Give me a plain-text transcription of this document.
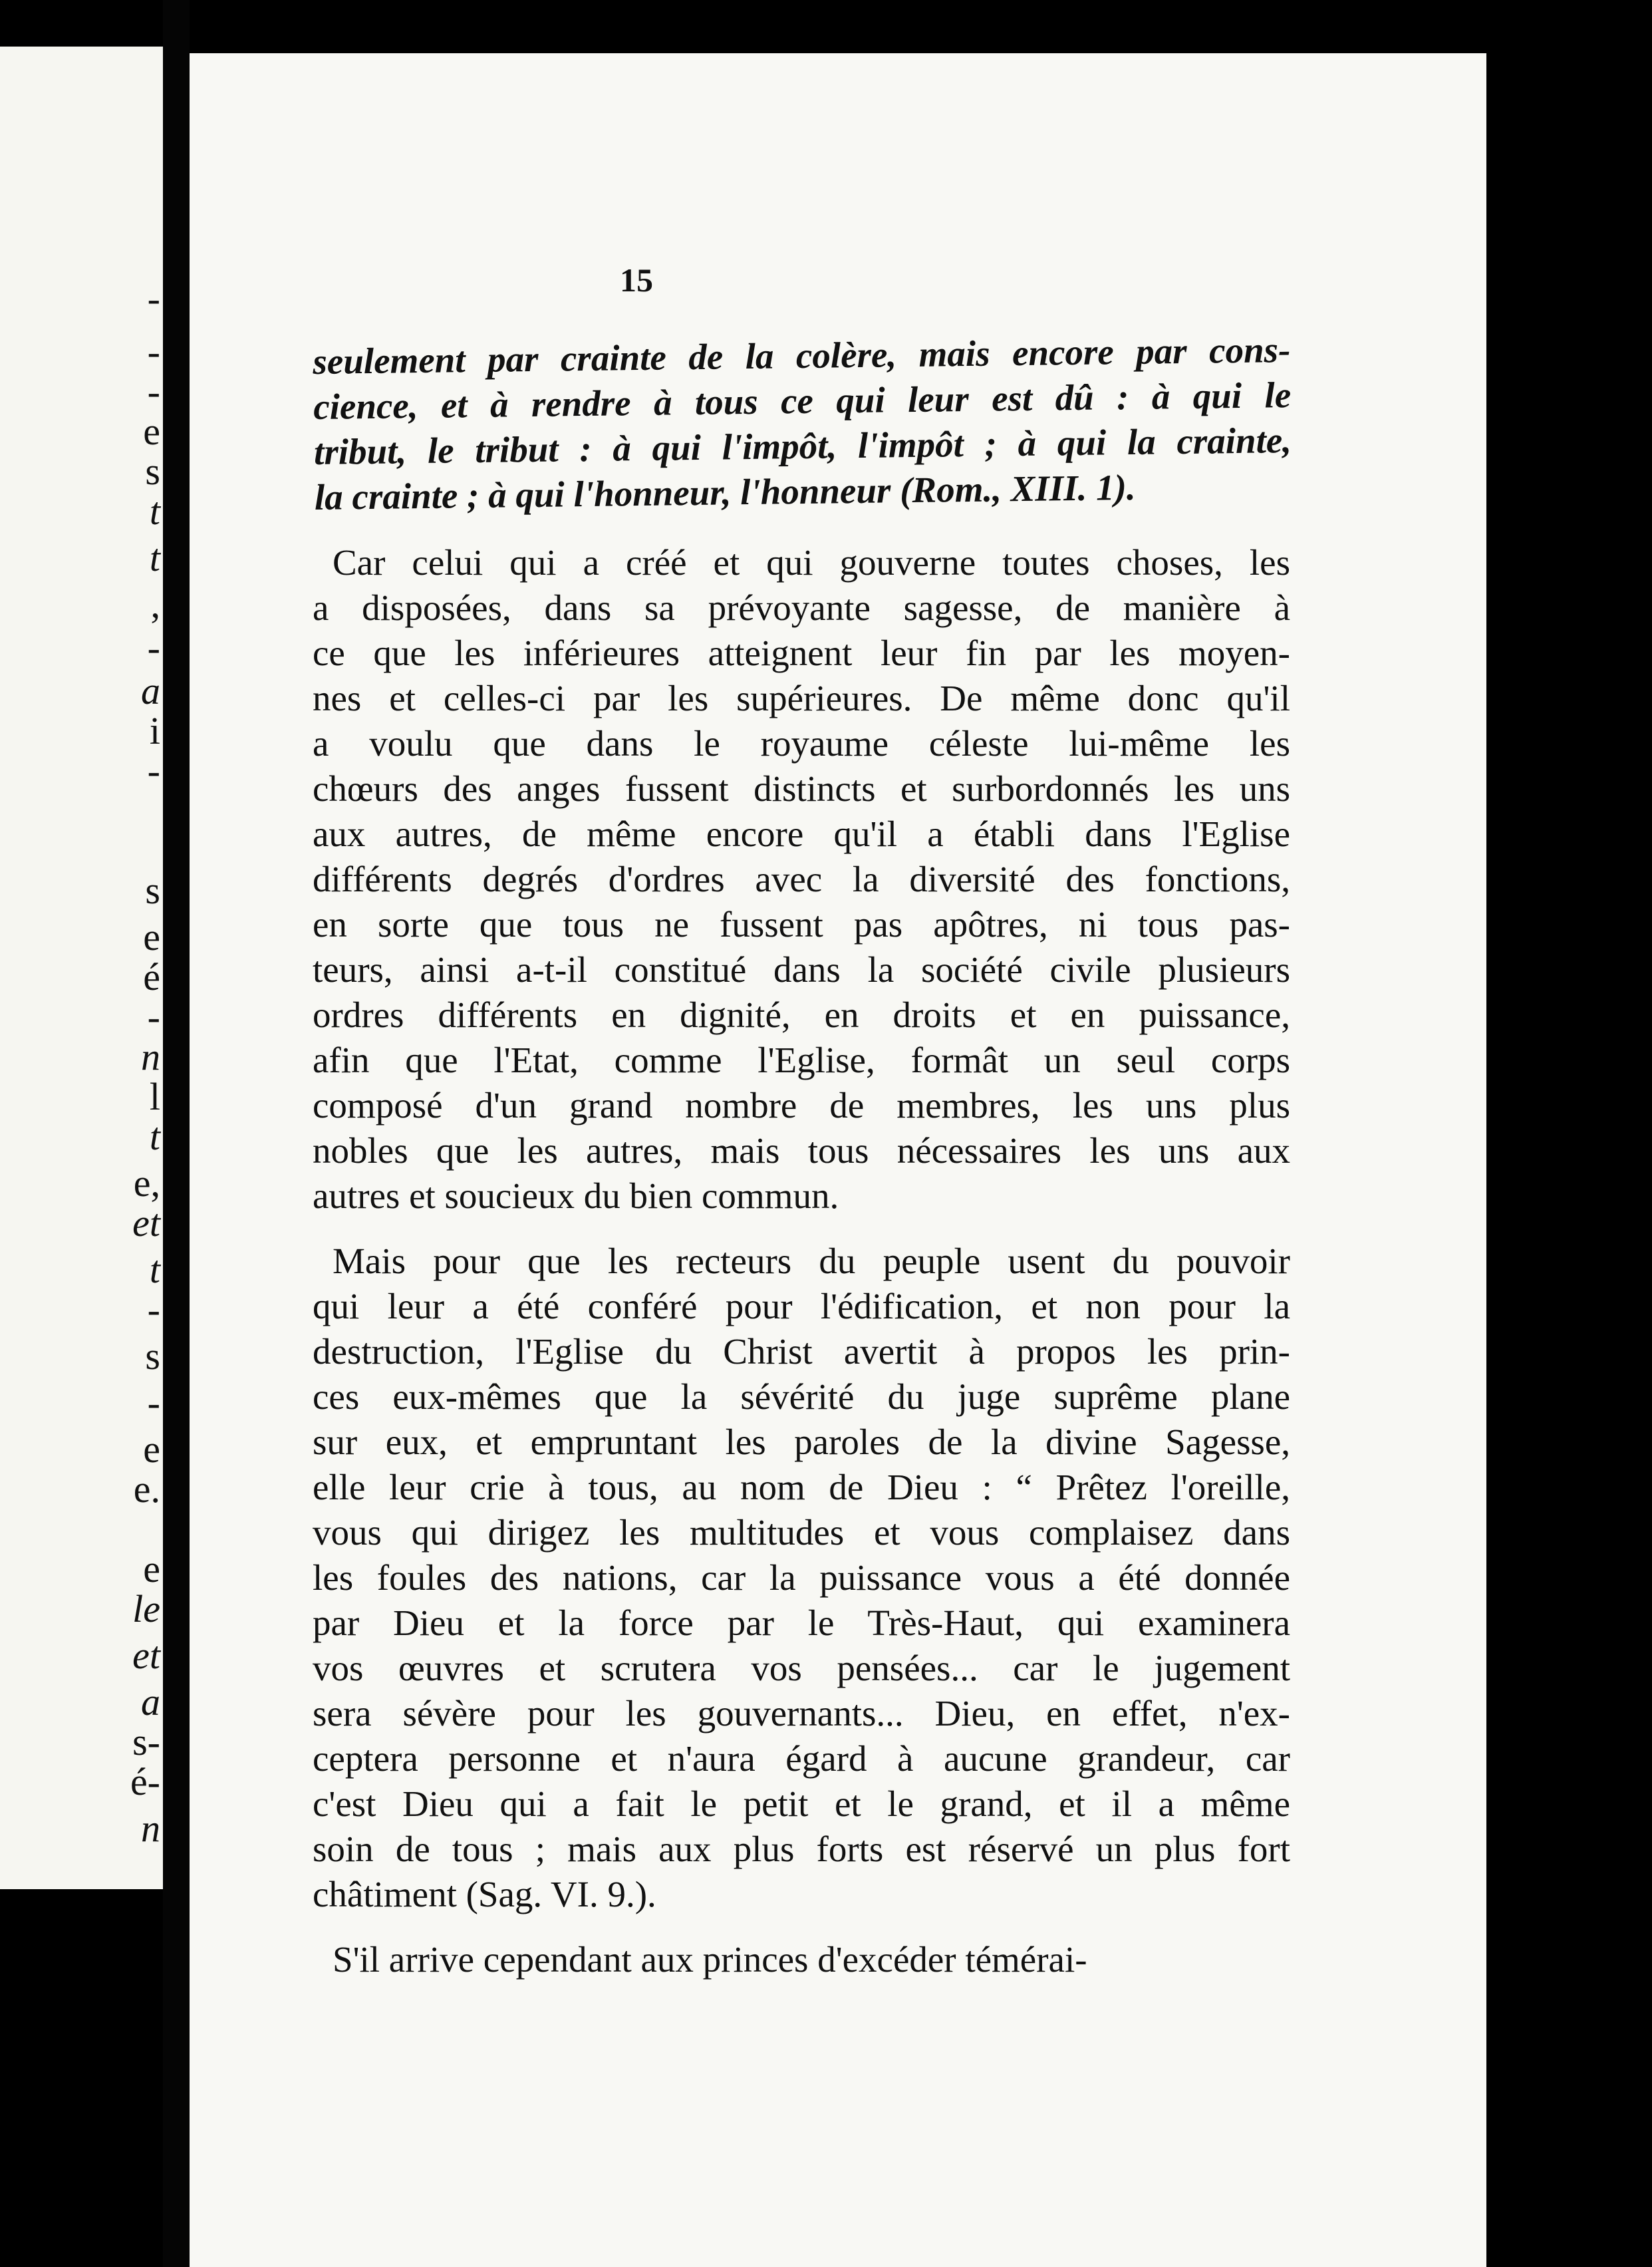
-
-
-
e
s
t
t
,
-
a
i
-
s
e
é
-
n
l
t
e,
et
t
-
s
-
e
e.
e
le
et
a
s-
é-
n
15
seulement par crainte de la colère, mais encore par cons-
cience, et à rendre à tous ce qui leur est dû : à qui le
tribut, le tribut : à qui l'impôt, l'impôt ; à qui la crainte,
la crainte ; à qui l'honneur, l'honneur (Rom., XIII. 1).
Car celui qui a créé et qui gouverne toutes choses, les
a disposées, dans sa prévoyante sagesse, de manière à
ce que les inférieures atteignent leur fin par les moyen-
nes et celles-ci par les supérieures. De même donc qu'il
a voulu que dans le royaume céleste lui-même les
chœurs des anges fussent distincts et surbordonnés les uns
aux autres, de même encore qu'il a établi dans l'Eglise
différents degrés d'ordres avec la diversité des fonctions,
en sorte que tous ne fussent pas apôtres, ni tous pas-
teurs, ainsi a-t-il constitué dans la société civile plusieurs
ordres différents en dignité, en droits et en puissance,
afin que l'Etat, comme l'Eglise, formât un seul corps
composé d'un grand nombre de membres, les uns plus
nobles que les autres, mais tous nécessaires les uns aux
autres et soucieux du bien commun.
Mais pour que les recteurs du peuple usent du pouvoir
qui leur a été conféré pour l'édification, et non pour la
destruction, l'Eglise du Christ avertit à propos les prin-
ces eux-mêmes que la sévérité du juge suprême plane
sur eux, et empruntant les paroles de la divine Sagesse,
elle leur crie à tous, au nom de Dieu : “ Prêtez l'oreille,
vous qui dirigez les multitudes et vous complaisez dans
les foules des nations, car la puissance vous a été donnée
par Dieu et la force par le Très-Haut, qui examinera
vos œuvres et scrutera vos pensées... car le jugement
sera sévère pour les gouvernants... Dieu, en effet, n'ex-
ceptera personne et n'aura égard à aucune grandeur, car
c'est Dieu qui a fait le petit et le grand, et il a même
soin de tous ; mais aux plus forts est réservé un plus fort
châtiment (Sag. VI. 9.).
S'il arrive cependant aux princes d'excéder témérai-
